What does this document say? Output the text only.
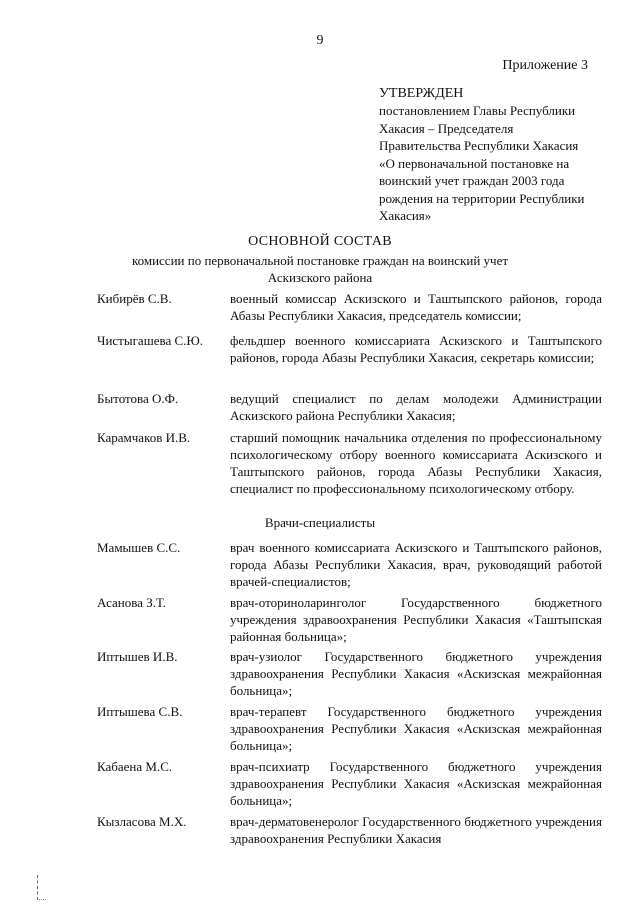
9
Приложение 3
УТВЕРЖДЕН
постановлением Главы Республики
Хакасия – Председателя
Правительства Республики Хакасия
«О первоначальной постановке на
воинский учет граждан 2003 года
рождения на территории Республики
Хакасия»
ОСНОВНОЙ СОСТАВ
комиссии по первоначальной постановке граждан на воинский учет
Аскизского района
Кибирёв С.В.	военный комиссар Аскизского и Таштыпского районов, города Абазы Республики Хакасия, председатель комиссии;
Чистыгашева С.Ю. фельдшер военного комиссариата Аскизского и Таштыпского районов, города Абазы Республики Хакасия, секретарь комиссии;
Бытотова О.Ф.	ведущий специалист по делам молодежи Администрации Аскизского района Республики Хакасия;
Карамчаков И.В.	старший помощник начальника отделения по профессиональному психологическому отбору военного комиссариата Аскизского и Таштыпского районов, города Абазы Республики Хакасия, специалист по профессиональному психологическому отбору.
Врачи-специалисты
Мамышев С.С.	врач военного комиссариата Аскизского и Таштыпского районов, города Абазы Республики Хакасия, врач, руководящий работой врачей-специалистов;
Асанова З.Т.	врач-оториноларинголог Государственного бюджетного учреждения здравоохранения Республики Хакасия «Таштыпская районная больница»;
Иптышев И.В.	врач-узиолог Государственного бюджетного учреждения здравоохранения Республики Хакасия «Аскизская межрайонная больница»;
Иптышева С.В.	врач-терапевт Государственного бюджетного учреждения здравоохранения Республики Хакасия «Аскизская межрайонная больница»;
Кабаена М.С.	врач-психиатр Государственного бюджетного учреждения здравоохранения Республики Хакасия «Аскизская межрайонная больница»;
Кызласова М.Х.	врач-дерматовенеролог Государственного бюджетного учреждения здравоохранения Республики Хакасия
